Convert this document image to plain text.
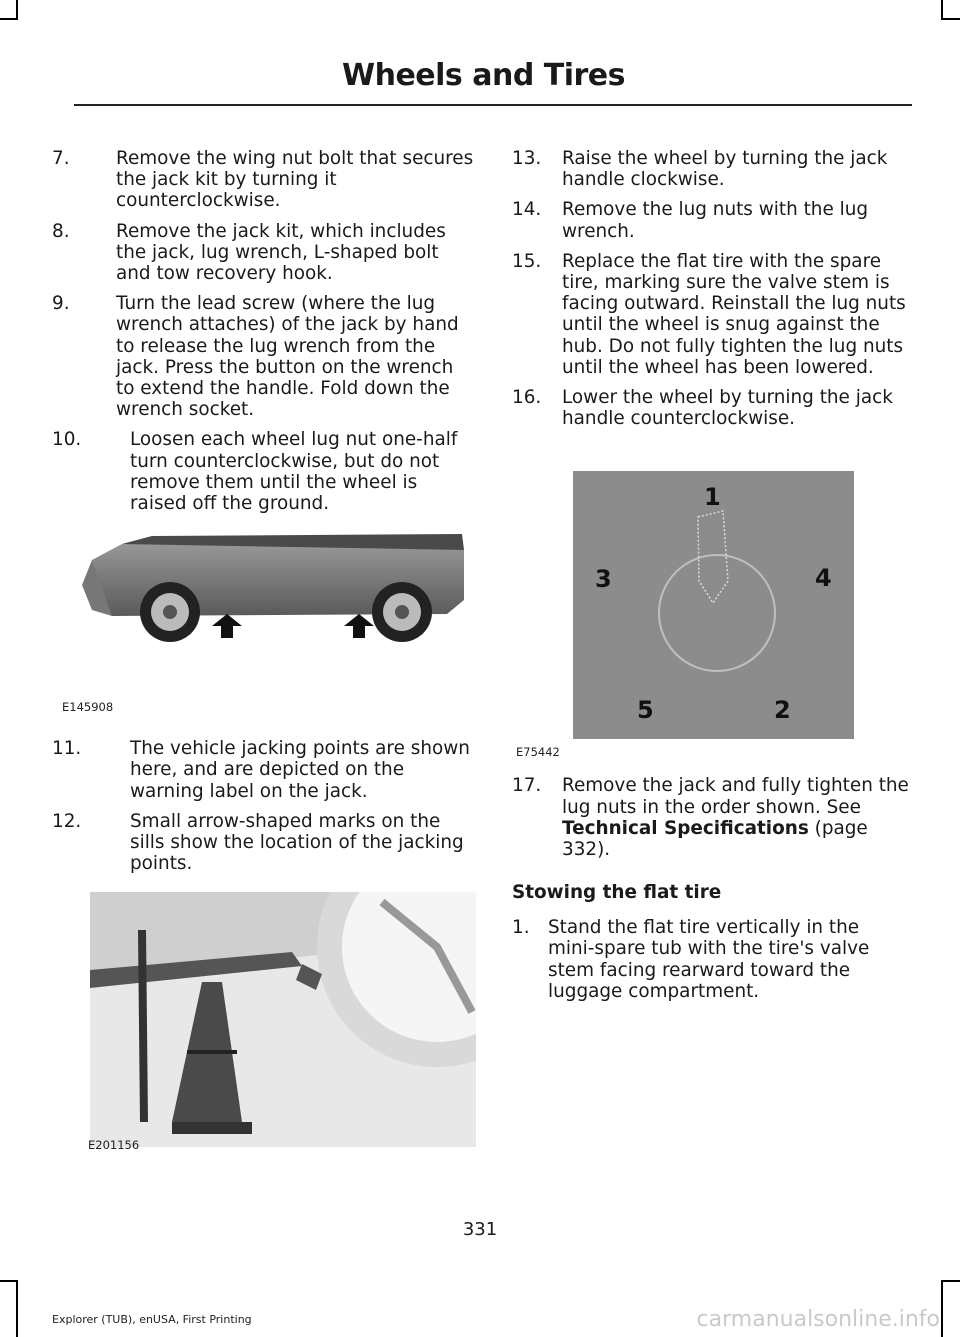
Wheels and Tires
7.	Remove the wing nut bolt that secures the jack kit by turning it counterclockwise.
8.	Remove the jack kit, which includes the jack, lug wrench, L-shaped bolt and tow recovery hook.
9.	Turn the lead screw (where the lug wrench attaches) of the jack by hand to release the lug wrench from the jack. Press the button on the wrench to extend the handle. Fold down the wrench socket.
10.	Loosen each wheel lug nut one-half turn counterclockwise, but do not remove them until the wheel is raised off the ground.
E145908
11.	The vehicle jacking points are shown here, and are depicted on the warning label on the jack.
12.	Small arrow-shaped marks on the sills show the location of the jacking points.
E201156
13.	Raise the wheel by turning the jack handle clockwise.
14.	Remove the lug nuts with the lug wrench.
15.	Replace the flat tire with the spare tire, marking sure the valve stem is facing outward. Reinstall the lug nuts until the wheel is snug against the hub. Do not fully tighten the lug nuts until the wheel has been lowered.
16.	Lower the wheel by turning the jack handle counterclockwise.
1
2
3	4
5
E75442
17.	Remove the jack and fully tighten the lug nuts in the order shown. See Technical Specifications (page 332).
Stowing the flat tire
1.	Stand the flat tire vertically in the mini-spare tub with the tire's valve stem facing rearward toward the luggage compartment.
331
Explorer (TUB), enUSA, First Printing	carmanualsonline.info
